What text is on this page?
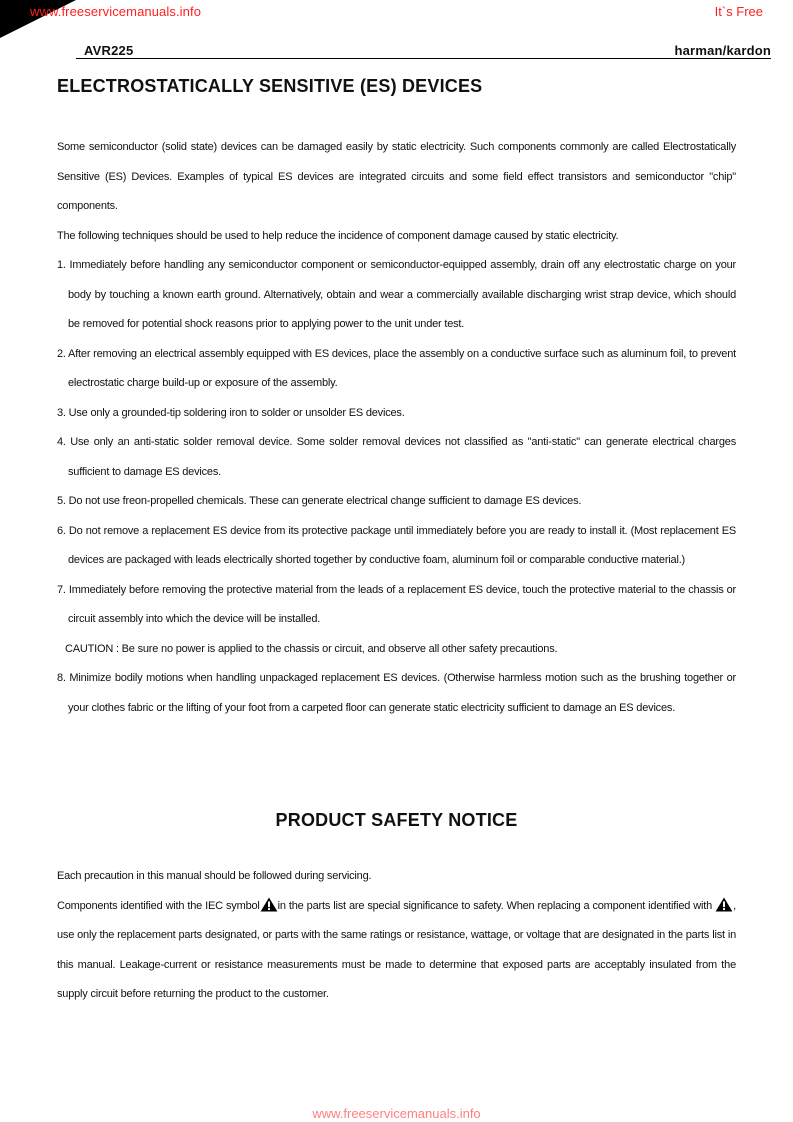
www.freeservicemanuals.info	It`s Free
AVR225	harman/kardon
ELECTROSTATICALLY SENSITIVE (ES) DEVICES

Some semiconductor (solid state) devices can be damaged easily by static electricity. Such components commonly are called Electrostatically Sensitive (ES) Devices. Examples of typical ES devices are integrated circuits and some field effect transistors and semiconductor "chip" components.

The following techniques should be used to help reduce the incidence of component damage caused by static electricity.

1. Immediately before handling any semiconductor component or semiconductor-equipped assembly, drain off any electrostatic charge on your body by touching a known earth ground. Alternatively, obtain and wear a commercially available discharging wrist strap device, which should be removed for potential shock reasons prior to applying power to the unit under test.

2. After removing an electrical assembly equipped with ES devices, place the assembly on a conductive surface such as aluminum foil, to prevent electrostatic charge build-up or exposure of the assembly.

3. Use only a grounded-tip soldering iron to solder or unsolder ES devices.

4. Use only an anti-static solder removal device. Some solder removal devices not classified as "anti-static" can generate electrical charges sufficient to damage ES devices.

5. Do not use freon-propelled chemicals. These can generate electrical change sufficient to damage ES devices.

6. Do not remove a replacement ES device from its protective package until immediately before you are ready to install it. (Most replacement ES devices are packaged with leads electrically shorted together by conductive foam, aluminum foil or comparable conductive material.)

7. Immediately before removing the protective material from the leads of a replacement ES device, touch the protective material to the chassis or circuit assembly into which the device will be installed.

CAUTION : Be sure no power is applied to the chassis or circuit, and observe all other safety precautions.

8. Minimize bodily motions when handling unpackaged replacement ES devices. (Otherwise harmless motion such as the brushing together or your clothes fabric or the lifting of your foot from a carpeted floor can generate static electricity sufficient to damage an ES devices.

PRODUCT SAFETY NOTICE

Each precaution in this manual should be followed during servicing.

Components identified with the IEC symbol in the parts list are special significance to safety. When replacing a component identified with , use only the replacement parts designated, or parts with the same ratings or resistance, wattage, or voltage that are designated in the parts list in this manual. Leakage-current or resistance measurements must be made to determine that exposed parts are acceptably insulated from the supply circuit before returning the product to the customer.

www.freeservicemanuals.info
